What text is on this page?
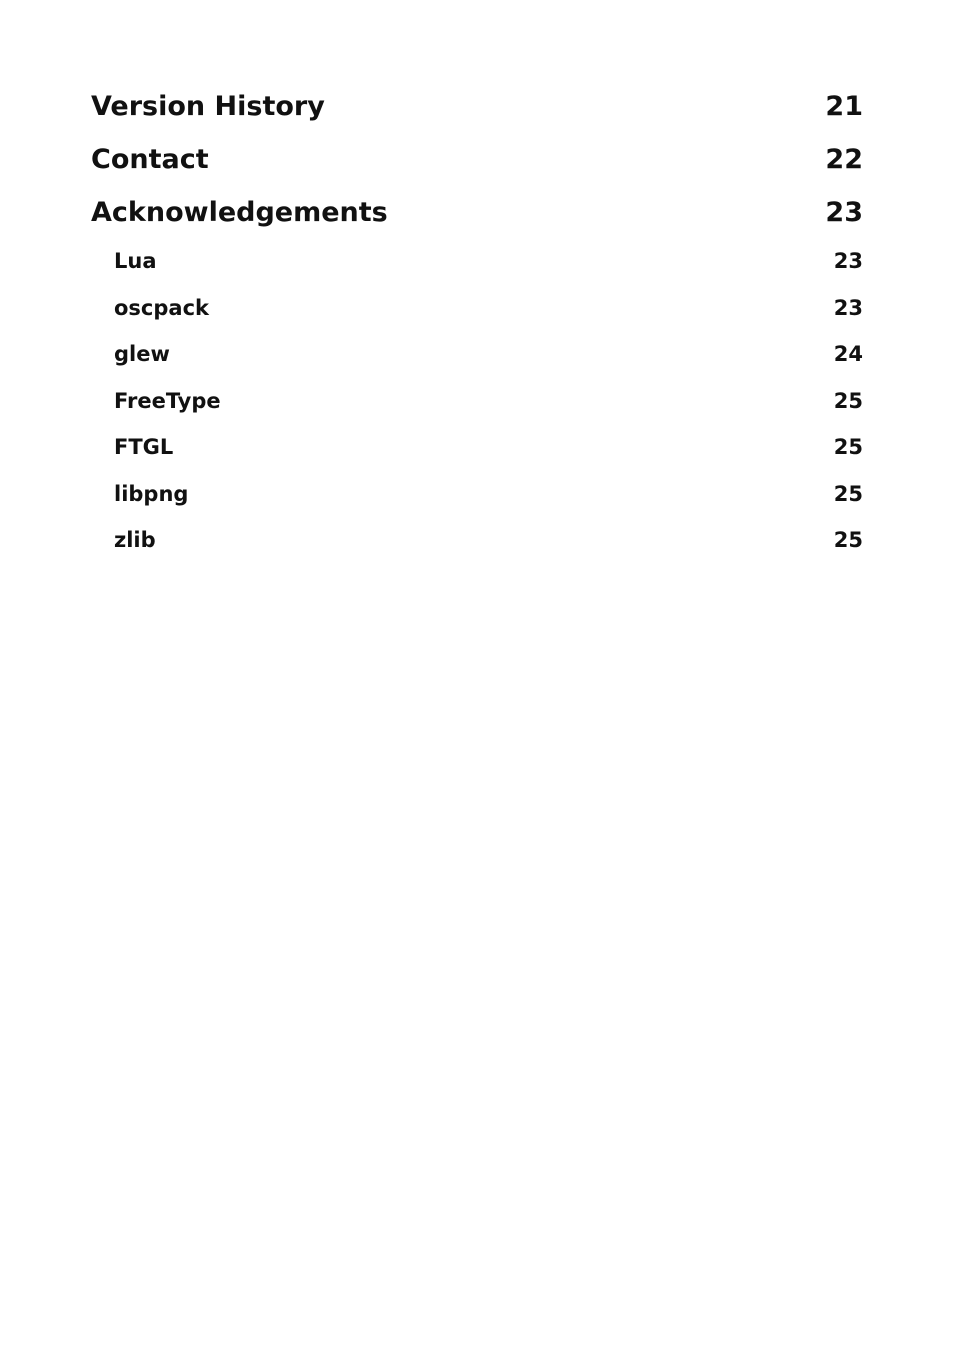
Version History	21
Contact	22
Acknowledgements	23
Lua	23
oscpack	23
glew	24
FreeType	25
FTGL	25
libpng	25
zlib	25
